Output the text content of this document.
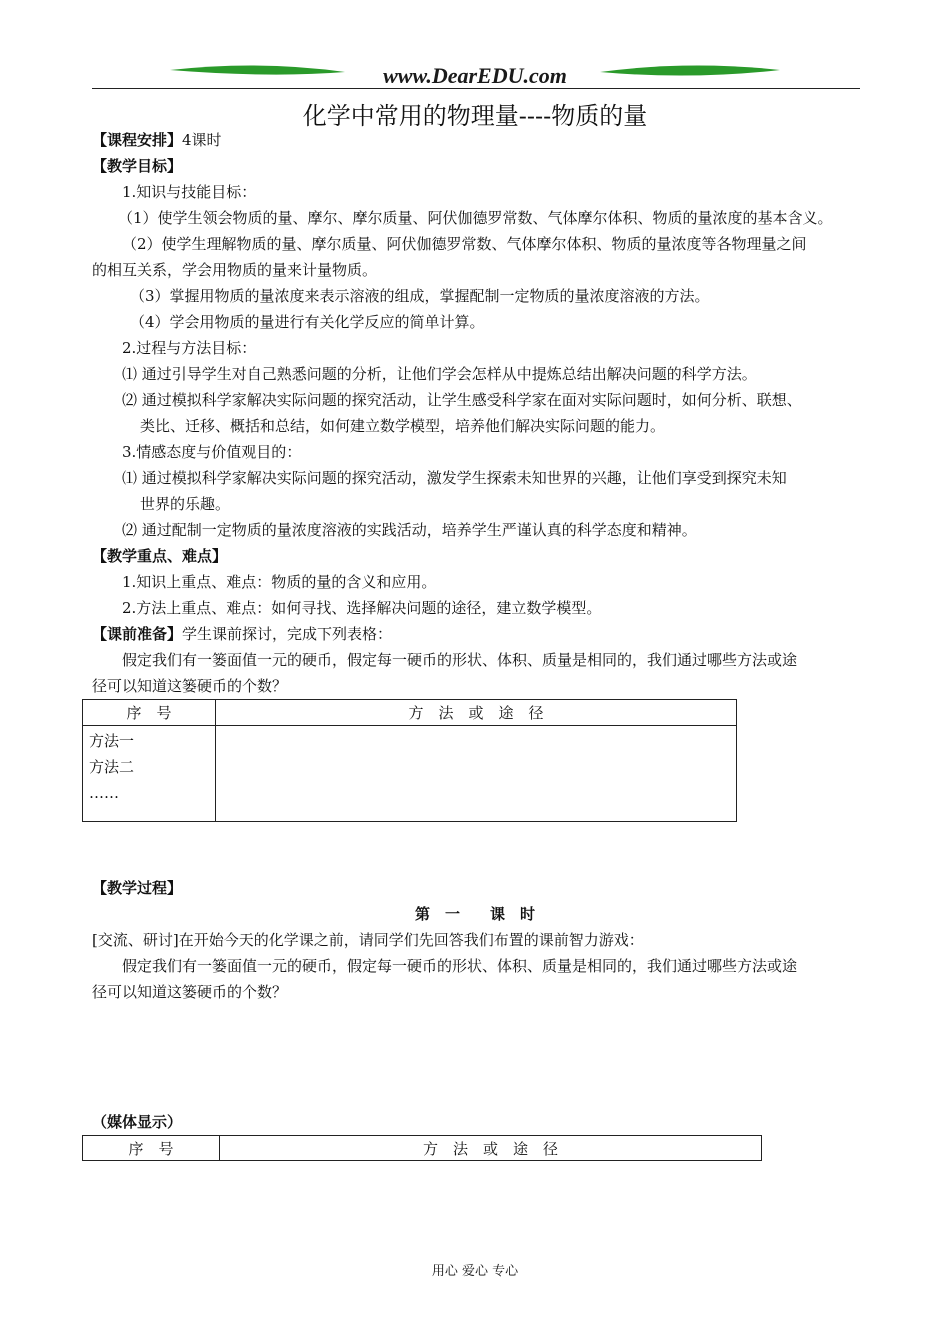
www.DearEDU.com
化学中常用的物理量----物质的量
【课程安排】4课时
【教学目标】
1.知识与技能目标：
（1）使学生领会物质的量、摩尔、摩尔质量、阿伏伽德罗常数、气体摩尔体积、物质的量浓度的基本含义。
（2）使学生理解物质的量、摩尔质量、阿伏伽德罗常数、气体摩尔体积、物质的量浓度等各物理量之间
的相互关系，学会用物质的量来计量物质。
（3）掌握用物质的量浓度来表示溶液的组成，掌握配制一定物质的量浓度溶液的方法。
（4）学会用物质的量进行有关化学反应的简单计算。
2.过程与方法目标：
⑴ 通过引导学生对自己熟悉问题的分析，让他们学会怎样从中提炼总结出解决问题的科学方法。
⑵ 通过模拟科学家解决实际问题的探究活动，让学生感受科学家在面对实际问题时，如何分析、联想、
类比、迁移、概括和总结，如何建立数学模型，培养他们解决实际问题的能力。
3.情感态度与价值观目的：
⑴ 通过模拟科学家解决实际问题的探究活动，激发学生探索未知世界的兴趣，让他们享受到探究未知
世界的乐趣。
⑵ 通过配制一定物质的量浓度溶液的实践活动，培养学生严谨认真的科学态度和精神。
【教学重点、难点】
1.知识上重点、难点：物质的量的含义和应用。
2.方法上重点、难点：如何寻找、选择解决问题的途径，建立数学模型。
【课前准备】学生课前探讨，完成下列表格：
假定我们有一篓面值一元的硬币，假定每一硬币的形状、体积、质量是相同的，我们通过哪些方法或途
径可以知道这篓硬币的个数？
序　号	方　法　或　途　径

方法一
方法二
……	

【教学过程】
第　一　　课　时
[交流、研讨]在开始今天的化学课之前，请同学们先回答我们布置的课前智力游戏：
假定我们有一篓面值一元的硬币，假定每一硬币的形状、体积、质量是相同的，我们通过哪些方法或途
径可以知道这篓硬币的个数？
（媒体显示）
序　号	方　法　或　途　径
用心 爱心 专心
